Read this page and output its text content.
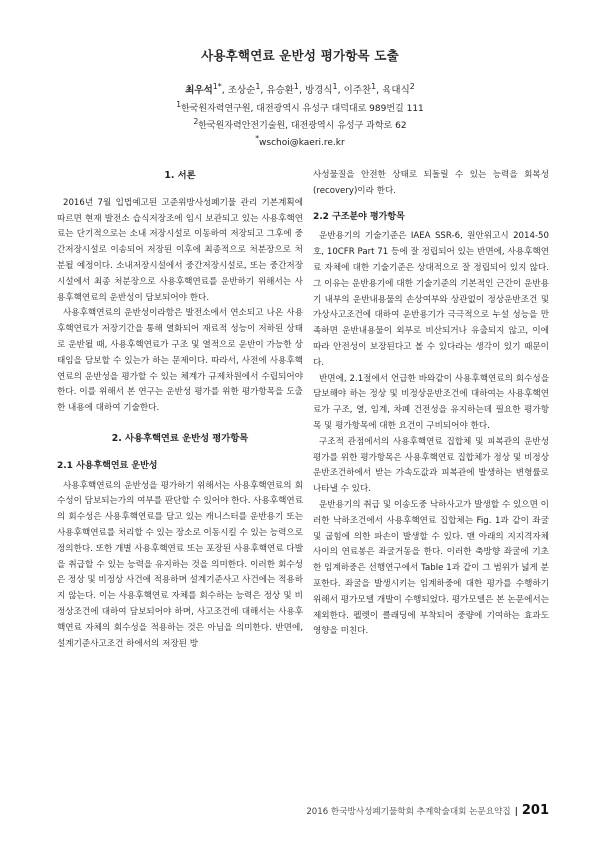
사용후핵연료 운반성 평가항목 도출
최우석$^{1*}$, 조상순$^1$, 유승환$^1$, 방경식$^1$, 이주찬$^1$, 육대식$^2$
$^1$한국원자력연구원, 대전광역시 유성구 대덕대로 989번길 111
$^2$한국원자력안전기술원, 대전광역시 유성구 과학로 62
*wschoi@kaeri.re.kr
1. 서론

2016년 7월 입법예고된 고준위방사성폐기물 관리 기본계획에 따르면 현재 발전소 습식저장조에 임시 보관되고 있는 사용후핵연료는 단기적으로는 소내 저장시설로 이동하여 저장되고 그후에 중간저장시설로 이송되어 저장된 이후에 최종적으로 처분장으로 처분될 예정이다. 소내저장시설에서 중간저장시설로, 또는 중간저장시설에서 최종 처분장으로 사용후핵연료를 운반하기 위해서는 사용후핵연료의 운반성이 담보되어야 한다.

사용후핵연료의 운반성이라함은 발전소에서 연소되고 나온 사용후핵연료가 저장기간을 통해 열화되어 재료적 성능이 저하된 상태로 운반될 때, 사용후핵연료가 구조 및 열적으로 운반이 가능한 상태임을 담보할 수 있는가 하는 문제이다. 따라서, 사전에 사용후핵연료의 운반성을 평가할 수 있는 체계가 규제차원에서 수립되어야 한다. 이를 위해서 본 연구는 운반성 평가를 위한 평가항목을 도출한 내용에 대하여 기술한다.

2. 사용후핵연료 운반성 평가항목
2.1 사용후핵연료 운반성

사용후핵연료의 운반성을 평가하기 위해서는 사용후핵연료의 회수성이 담보되는가의 여부를 판단할 수 있어야 한다. 사용후핵연료의 회수성은 사용후핵연료를 담고 있는 캐니스터를 운반용기 또는 사용후핵연료를 처리할 수 있는 장소로 이동시킬 수 있는 능력으로 정의한다. 또한 개별 사용후핵연료 또는 포장된 사용후핵연료 다발을 취급할 수 있는 능력을 유지하는 것을 의미한다. 이러한 회수성은 정상 및 비정상 사건에 적용하며 설계기준사고 사건에는 적용하지 않는다. 이는 사용후핵연료 자체를 회수하는 능력은 정상 및 비정상조건에 대하여 담보되어야 하며, 사고조건에 대해서는 사용후핵연료 자체의 회수성을 적용하는 것은 아님을 의미한다. 반면에, 설계기준사고조건 하에서의 저장된 방

사성물질을 안전한 상태로 되돌릴 수 있는 능력을 회복성(recovery)이라 한다.

2.2 구조분야 평가항목

운반용기의 기술기준은 IAEA SSR-6, 원안위고시 2014-50호, 10CFR Part 71 등에 잘 정립되어 있는 반면에, 사용후핵연료 자체에 대한 기술기준은 상대적으로 잘 정립되어 있지 않다. 그 이유는 운반용기에 대한 기술기준의 기본적인 근간이 운반용기 내부의 운반내용물의 손상여부와 상관없이 정상운반조건 및 가상사고조건에 대하여 운반용기가 극극적으로 누설 성능을 만족하면 운반내용물이 외부로 비산되거나 유출되지 않고, 이에 따라 안전성이 보장된다고 볼 수 있다라는 생각이 있기 때문이다.

반면에, 2.1절에서 언급한 바와같이 사용후핵연료의 회수성을 담보해야 하는 정상 및 비정상운반조건에 대하여는 사용후핵연료가 구조, 열, 임계, 차폐 건전성을 유지하는데 필요한 평가항목 및 평가항목에 대한 요건이 구비되어야 한다.

구조적 관점에서의 사용후핵연료 집합체 및 피복관의 운반성 평가를 위한 평가항목은 사용후핵연료 집합체가 정상 및 비정상운반조건하에서 받는 가속도값과 피복관에 발생하는 변형률로 나타낼 수 있다.

운반용기의 취급 및 이송도중 낙하사고가 발생할 수 있으면 이러한 낙하조건에서 사용후핵연료 집합체는 Fig. 1과 같이 좌굴 및 굽힘에 의한 파손이 발생할 수 있다. 맨 아래의 지지격자체 사이의 연료봉은 좌굴거동을 한다. 이러한 축방향 좌굴에 기초한 임계하중은 선행연구에서 Table 1과 같이 그 범위가 넓게 분포한다. 좌굴을 발생시키는 임계하중에 대한 평가를 수행하기 위해서 평가모델 개발이 수행되었다. 평가모델은 본 논문에서는 제외한다. 펠렛이 클래딩에 부착되어 중량에 기여하는 효과도 영향을 미친다.

2016 한국방사성폐기물학회 추계학술대회 논문요약집 | 201
